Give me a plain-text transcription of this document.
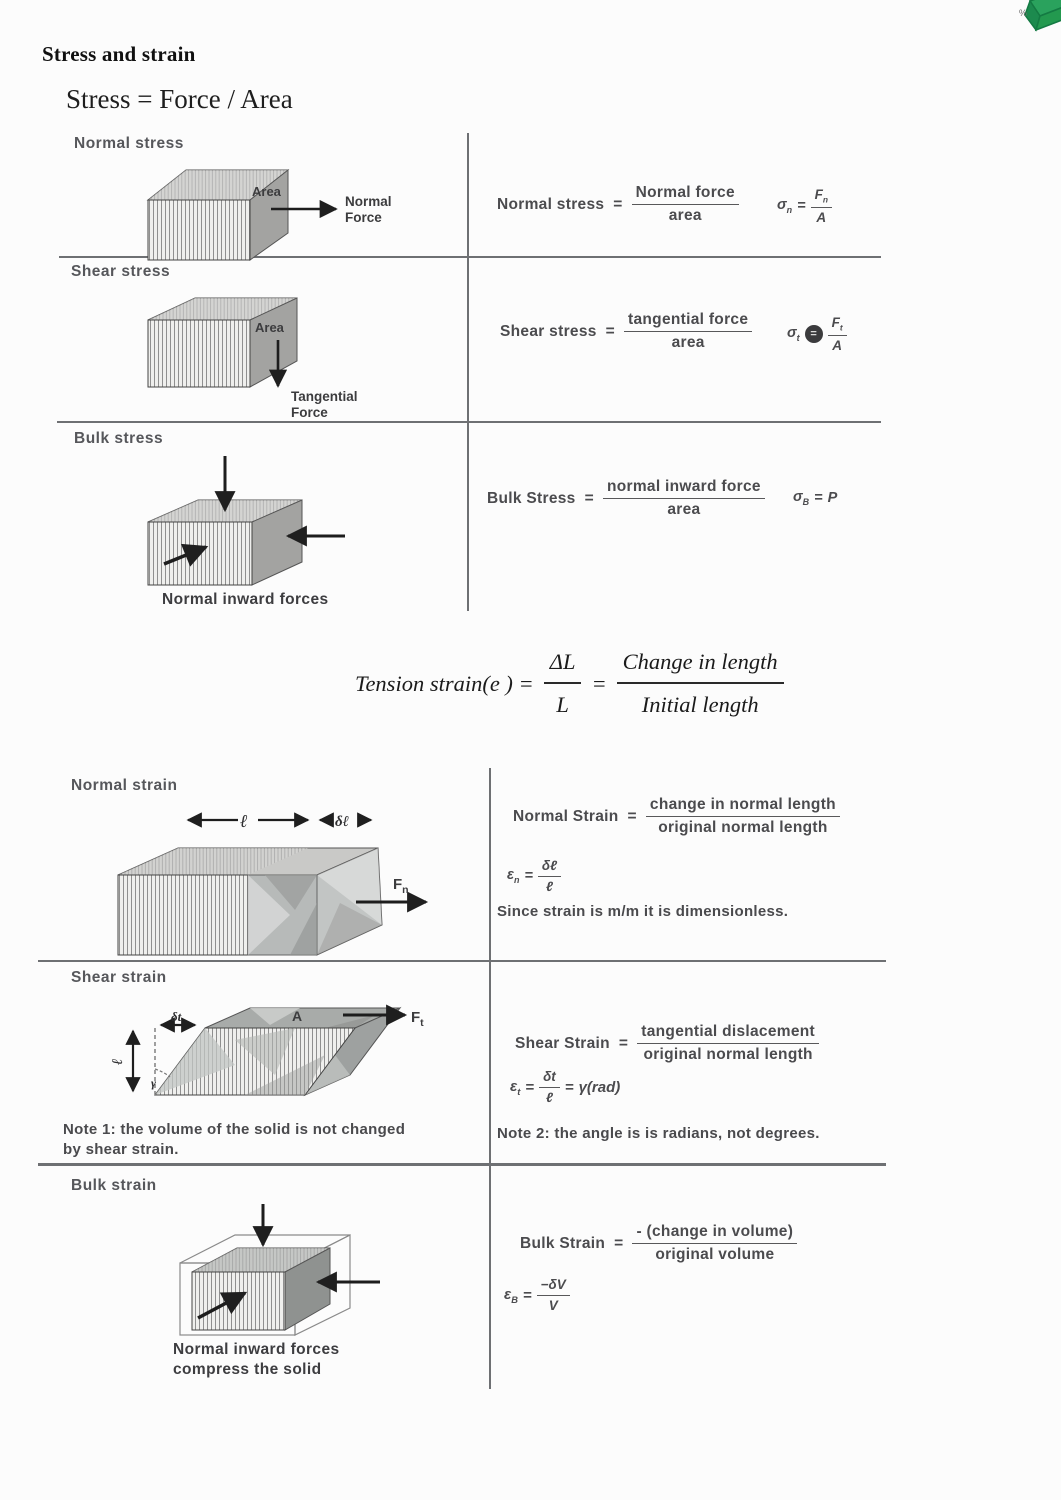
Stress and strain
Stress = Force / Area
%
Normal stress
Area
Normal
Force
Normal stress = $\frac{\text{Normal force}}{\text{area}}$	$\sigma_n = \frac{F_n}{A}$
Shear stress
Area
Tangential
Force
Shear stress = $\frac{\text{tangential force}}{\text{area}} \sigma_t = \frac{F_t}{A}$
Bulk stress
Normal inward forces
Bulk Stress = $\frac{\text{normal inward force}}{\text{area}} \sigma_B = P$
Tension strain(e ) = $\frac{\Delta L}{L} = \frac{\text{Change in length}}{\text{Initial length}}$
Normal strain
ℓ	δℓ
$F_n$
Normal Strain = $\frac{\text{change in normal length}}{\text{original normal length}}$
$\varepsilon_n = \frac{\text{δℓ}}{\text{ℓ}}$
Since strain is m/m it is dimensionless.
Shear strain
ℓ
δt
γ
$F_t$
A
Note 1: the volume of the solid is not changed
by shear strain.
Shear Strain = $\frac{\text{tangential dislacement}}{\text{original normal length}}$
$\varepsilon_t = \frac{\delta t}{\text{ℓ}} = \gamma(rad)$
Note 2: the angle is is radians, not degrees.
Bulk strain
Normal inward forces
compress the solid
Bulk Strain = $\frac{\text{- (change in volume)}}{\text{original volume}}$
$\varepsilon_B = \frac{-\delta V}{V}$
